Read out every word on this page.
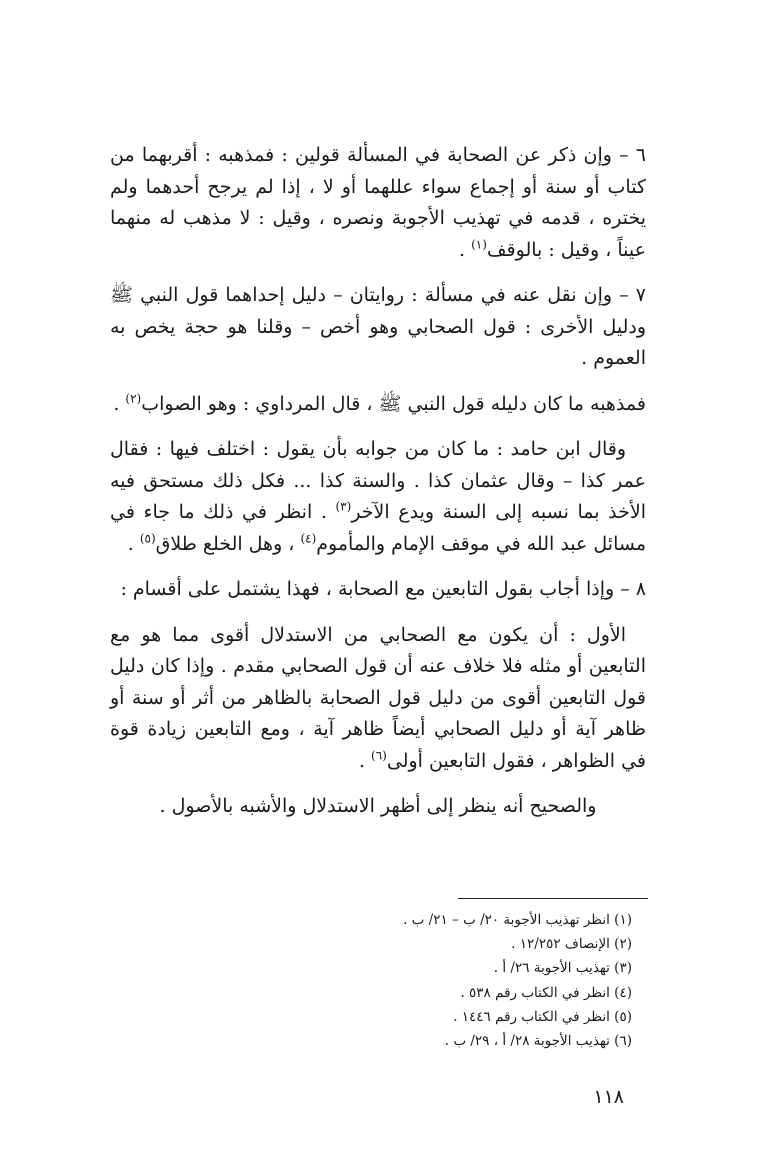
٦ – وإن ذكر عن الصحابة في المسألة قولين : فمذهبه : أقربهما من كتاب أو سنة أو إجماع سواء عللهما أو لا ، إذا لم يرجح أحدهما ولم يختره ، قدمه في تهذيب الأجوبة ونصره ، وقيل : لا مذهب له منهما عيناً ، وقيل : بالوقف$^{(١)}$ .

٧ – وإن نقل عنه في مسألة : روايتان – دليل إحداهما قول النبي ﷺ ودليل الأخرى : قول الصحابي وهو أخص – وقلنا هو حجة يخص به العموم .

فمذهبه ما كان دليله قول النبي ﷺ ، قال المرداوي : وهو الصواب$^{(٢)}$ .

وقال ابن حامد : ما كان من جوابه بأن يقول : اختلف فيها : فقال عمر كذا – وقال عثمان كذا . والسنة كذا ... فكل ذلك مستحق فيه الأخذ بما نسبه إلى السنة ويدع الآخر$^{(٣)}$ . انظر في ذلك ما جاء في مسائل عبد الله في موقف الإمام والمأموم$^{(٤)}$ ، وهل الخلع طلاق$^{(٥)}$ .

٨ – وإذا أجاب بقول التابعين مع الصحابة ، فهذا يشتمل على أقسام :

الأول : أن يكون مع الصحابي من الاستدلال أقوى مما هو مع التابعين أو مثله فلا خلاف عنه أن قول الصحابي مقدم . وإذا كان دليل قول التابعين أقوى من دليل قول الصحابة بالظاهر من أثر أو سنة أو ظاهر آية أو دليل الصحابي أيضاً ظاهر آية ، ومع التابعين زيادة قوة في الظواهر ، فقول التابعين أولى$^{(٦)}$ .

والصحيح أنه ينظر إلى أظهر الاستدلال والأشبه بالأصول .

(١) انظر تهذيب الأجوبة ٢٠/ ب – ٢١/ ب .
(٢) الإنصاف ١٢/٢٥٢ .
(٣) تهذيب الأجوبة ٢٦/ أ .
(٤) انظر في الكتاب رقم ٥٣٨ .
(٥) انظر في الكتاب رقم ١٤٤٦ .
(٦) تهذيب الأجوبة ٢٨/ أ ، ٢٩/ ب .
١١٨
